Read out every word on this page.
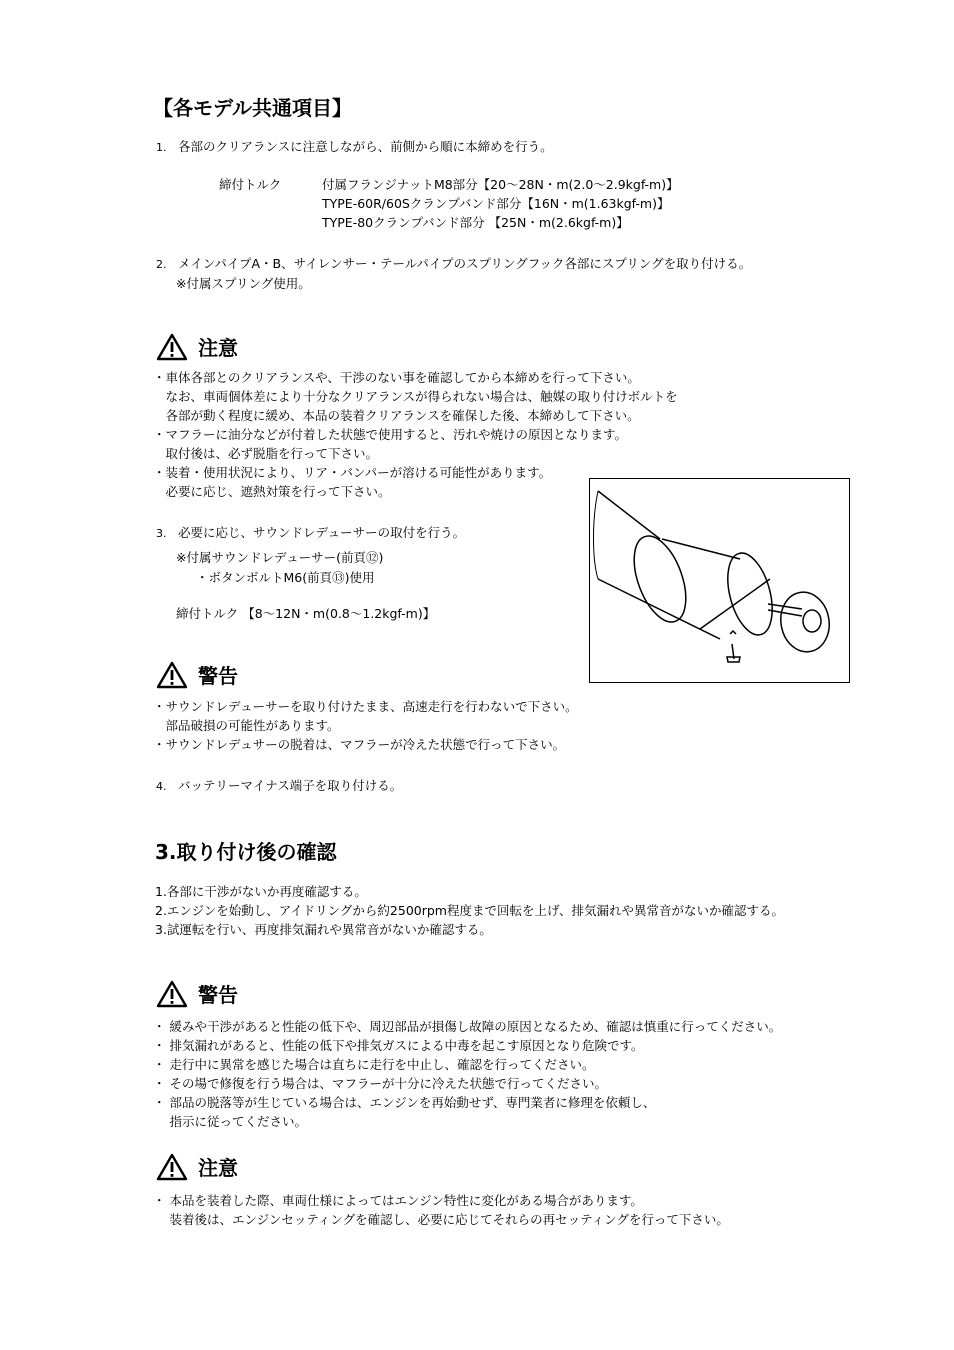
【各モデル共通項目】
1. 各部のクリアランスに注意しながら、前側から順に本締めを行う。
締付トルク	付属フランジナットM8部分【20～28N・m(2.0～2.9kgf-m)】
TYPE-60R/60Sクランプバンド部分【16N・m(1.63kgf-m)】
TYPE-80クランプバンド部分 【25N・m(2.6kgf-m)】
2. メインパイプA・B、サイレンサー・テールパイプのスプリングフック各部にスプリングを取り付ける。
※付属スプリング使用。
注意
・車体各部とのクリアランスや、干渉のない事を確認してから本締めを行って下さい。
　なお、車両個体差により十分なクリアランスが得られない場合は、触媒の取り付けボルトを
　各部が動く程度に緩め、本品の装着クリアランスを確保した後、本締めして下さい。
・マフラーに油分などが付着した状態で使用すると、汚れや焼けの原因となります。
　取付後は、必ず脱脂を行って下さい。
・装着・使用状況により、リア・バンパーが溶ける可能性があります。
　必要に応じ、遮熱対策を行って下さい。
3. 必要に応じ、サウンドレデューサーの取付を行う。
※付属サウンドレデューサー(前頁⑫)
・ボタンボルトM6(前頁⑬)使用
締付トルク 【8～12N・m(0.8～1.2kgf-m)】
警告
・サウンドレデューサーを取り付けたまま、高速走行を行わないで下さい。
　部品破損の可能性があります。
・サウンドレデュサーの脱着は、マフラーが冷えた状態で行って下さい。
4. バッテリーマイナス端子を取り付ける。
3.取り付け後の確認
1.各部に干渉がないか再度確認する。
2.エンジンを始動し、アイドリングから約2500rpm程度まで回転を上げ、排気漏れや異常音がないか確認する。
3.試運転を行い、再度排気漏れや異常音がないか確認する。
警告
・ 緩みや干渉があると性能の低下や、周辺部品が損傷し故障の原因となるため、確認は慎重に行ってください。
・ 排気漏れがあると、性能の低下や排気ガスによる中毒を起こす原因となり危険です。
・ 走行中に異常を感じた場合は直ちに走行を中止し、確認を行ってください。
・ その場で修復を行う場合は、マフラーが十分に冷えた状態で行ってください。
・ 部品の脱落等が生じている場合は、エンジンを再始動せず、専門業者に修理を依頼し、
　 指示に従ってください。
注意
・ 本品を装着した際、車両仕様によってはエンジン特性に変化がある場合があります。
　 装着後は、エンジンセッティングを確認し、必要に応じてそれらの再セッティングを行って下さい。
